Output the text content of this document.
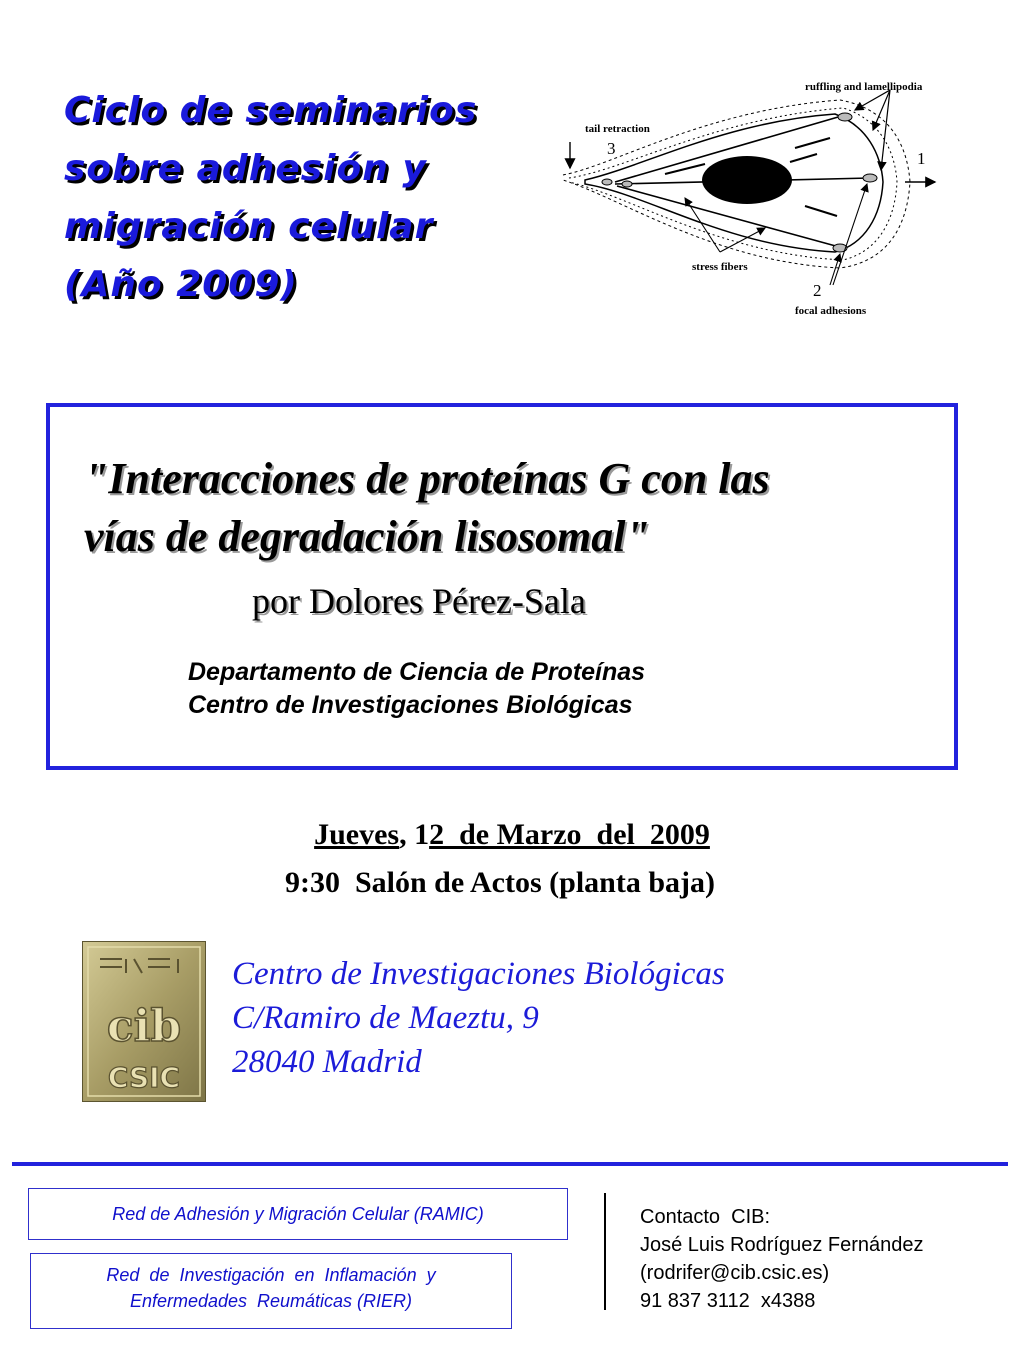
Ciclo de seminarios
sobre adhesión y
migración celular
(Año 2009)
ruffling and lamellipodia
tail retraction
3
1
stress fibers
2
focal adhesions
"Interacciones de proteínas G con las
vías de degradación lisosomal"

por Dolores Pérez-Sala

Departamento de Ciencia de Proteínas
Centro de Investigaciones Biológicas
Jueves, 12  de Marzo  del  2009
9:30  Salón de Actos (planta baja)
cib
CSIC
Centro de Investigaciones Biológicas
C/Ramiro de Maeztu, 9
28040 Madrid
Red de Adhesión y Migración Celular (RAMIC)
Red  de  Investigación  en  Inflamación  y
Enfermedades  Reumáticas (RIER)
Contacto  CIB:
José Luis Rodríguez Fernández
(rodrifer@cib.csic.es)
91 837 3112  x4388
